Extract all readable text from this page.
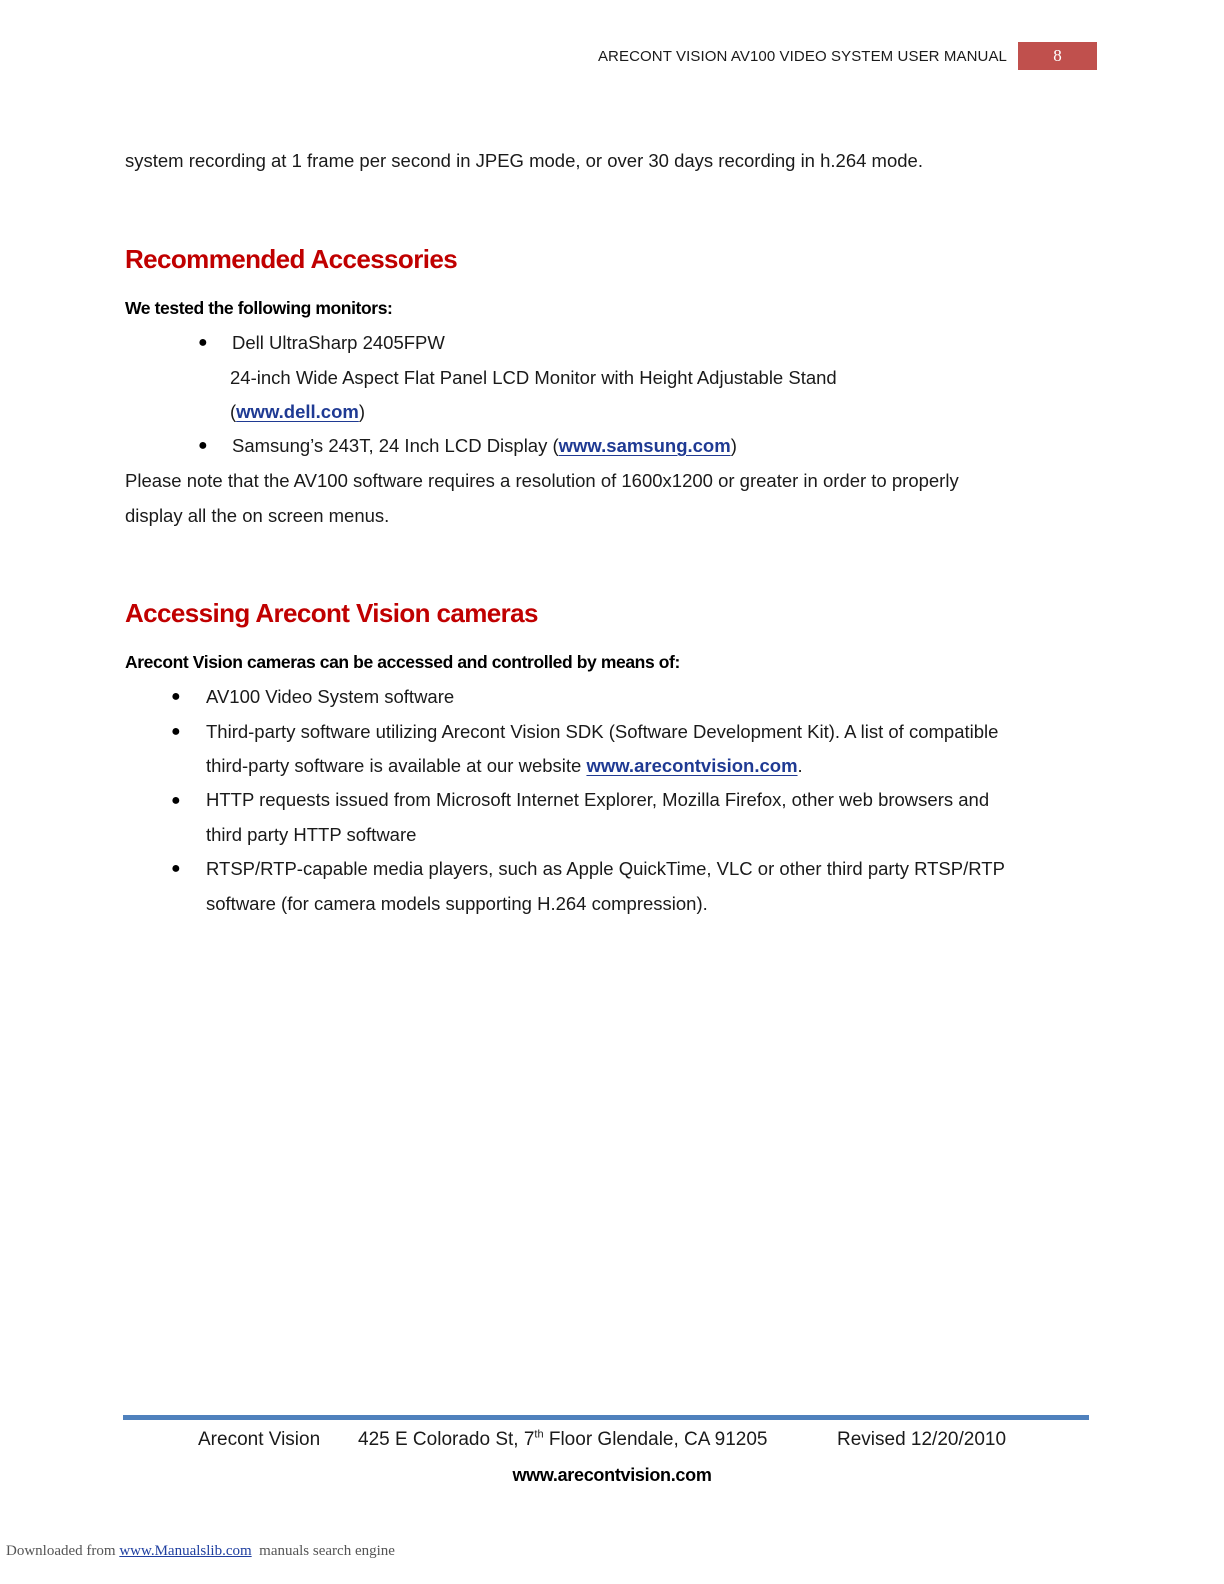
ARECONT VISION AV100 VIDEO SYSTEM USER MANUAL	8
system recording at 1 frame per second in JPEG mode, or over 30 days recording in h.264 mode.
Recommended Accessories
We tested the following monitors:
● Dell UltraSharp 2405FPW
24-inch Wide Aspect Flat Panel LCD Monitor with Height Adjustable Stand
(www.dell.com)
● Samsung’s 243T, 24 Inch LCD Display (www.samsung.com)
Please note that the AV100 software requires a resolution of 1600x1200 or greater in order to properly
display all the on screen menus.
Accessing Arecont Vision cameras
Arecont Vision cameras can be accessed and controlled by means of:
● AV100 Video System software
● Third-party software utilizing Arecont Vision SDK (Software Development Kit). A list of compatible
third-party software is available at our website www.arecontvision.com.
● HTTP requests issued from Microsoft Internet Explorer, Mozilla Firefox, other web browsers and
third party HTTP software
● RTSP/RTP-capable media players, such as Apple QuickTime, VLC or other third party RTSP/RTP
software (for camera models supporting H.264 compression).
Arecont Vision 425 E Colorado St, 7th Floor Glendale, CA 91205	Revised 12/20/2010
www.arecontvision.com
Downloaded from www.Manualslib.com  manuals search engine
